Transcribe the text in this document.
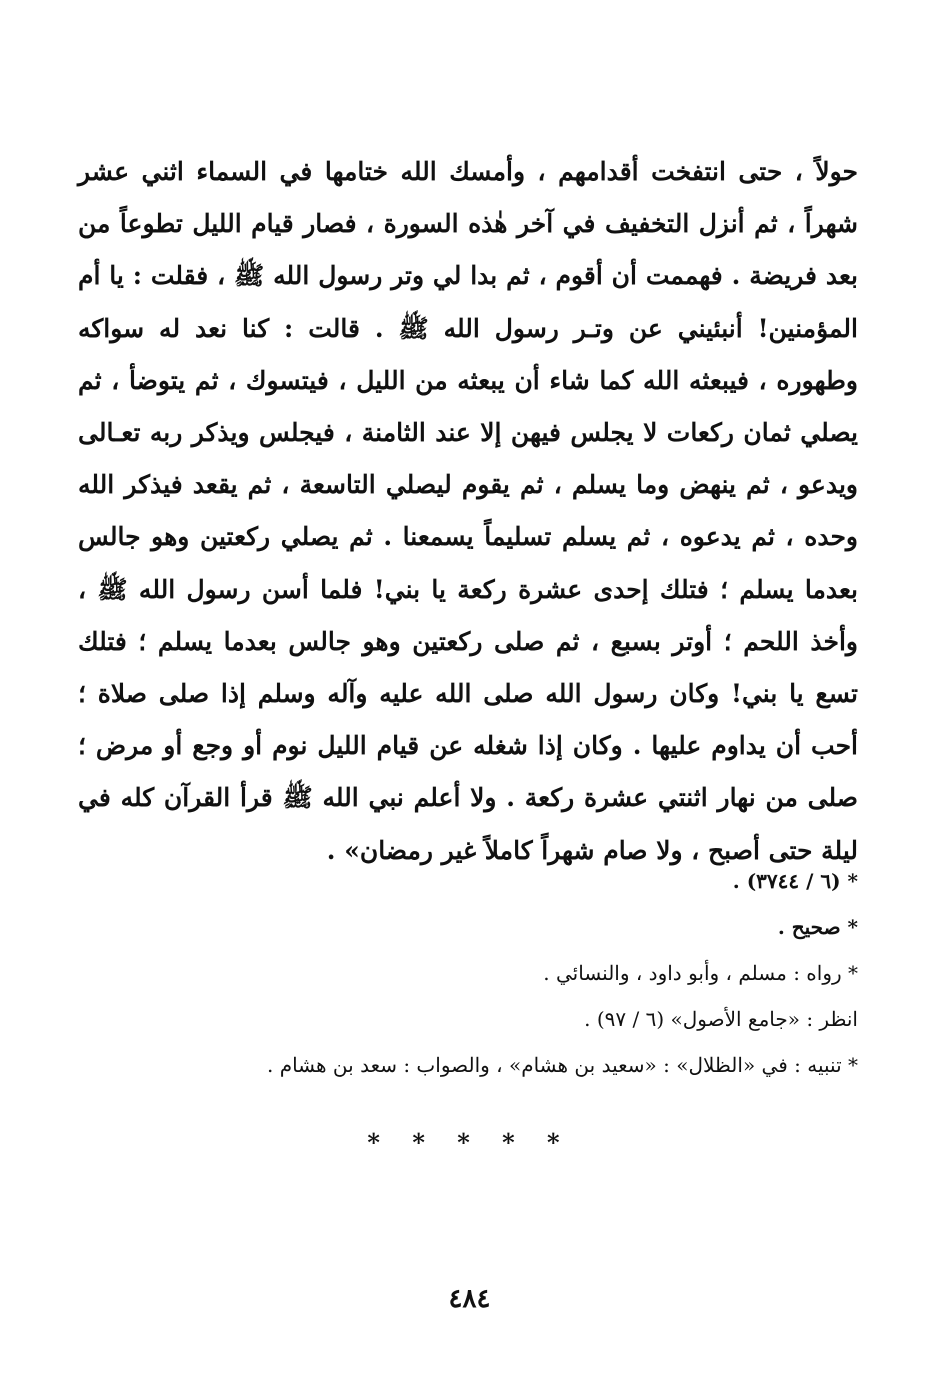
حولاً ، حتى انتفخت أقدامهم ، وأمسك الله ختامها في السماء اثني عشر شهراً ، ثم أنزل التخفيف في آخر هٰذه السورة ، فصار قيام الليل تطوعاً من بعد فريضة . فهممت أن أقوم ، ثم بدا لي وتر رسول الله ﷺ ، فقلت : يا أم المؤمنين! أنبئيني عن وتـر رسول الله ﷺ . قالت : كنا نعد له سواكه وطهوره ، فيبعثه الله كما شاء أن يبعثه من الليل ، فيتسوك ، ثم يتوضأ ، ثم يصلي ثمان ركعات لا يجلس فيهن إلا عند الثامنة ، فيجلس ويذكر ربه تعـالى ويدعو ، ثم ينهض وما يسلم ، ثم يقوم ليصلي التاسعة ، ثم يقعد فيذكر الله وحده ، ثم يدعوه ، ثم يسلم تسليماً يسمعنا . ثم يصلي ركعتين وهو جالس بعدما يسلم ؛ فتلك إحدى عشرة ركعة يا بني! فلما أسن رسول الله ﷺ ، وأخذ اللحم ؛ أوتر بسبع ، ثم صلى ركعتين وهو جالس بعدما يسلم ؛ فتلك تسع يا بني! وكان رسول الله صلى الله عليه وآله وسلم إذا صلى صلاة ؛ أحب أن يداوم عليها . وكان إذا شغله عن قيام الليل نوم أو وجع أو مرض ؛ صلى من نهار اثنتي عشرة ركعة . ولا أعلم نبي الله ﷺ قرأ القرآن كله في ليلة حتى أصبح ، ولا صام شهراً كاملاً غير رمضان» .

* (٦ / ٣٧٤٤) .

* صحيح .

* رواه : مسلم ، وأبو داود ، والنسائي .

انظر : «جامع الأصول» (٦ / ٩٧) .

* تنبيه : في «الظلال» : «سعيد بن هشام» ، والصواب : سعد بن هشام .

* * * * *
٤٨٤
